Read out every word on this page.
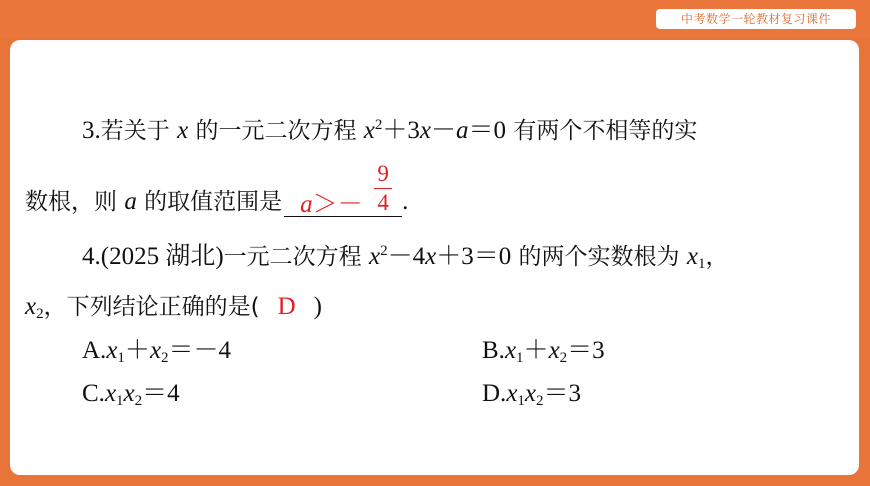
中考数学一轮教材复习课件
3.若关于 x 的一元二次方程 $x^2+3x-a=0$ 有两个不相等的实
数根，则 a 的取值范围是 a＞－
9
4 .
4.(2025 湖北)一元二次方程 $x^2-4x+3=0$ 的两个实数根为 $x_1$，
$x_2$，下列结论正确的是( D )
$A.x_1+x_2=-4$	$B.x_1+x_2=3$
$C.x_1x_2=4$	$D.x_1x_2=3$
